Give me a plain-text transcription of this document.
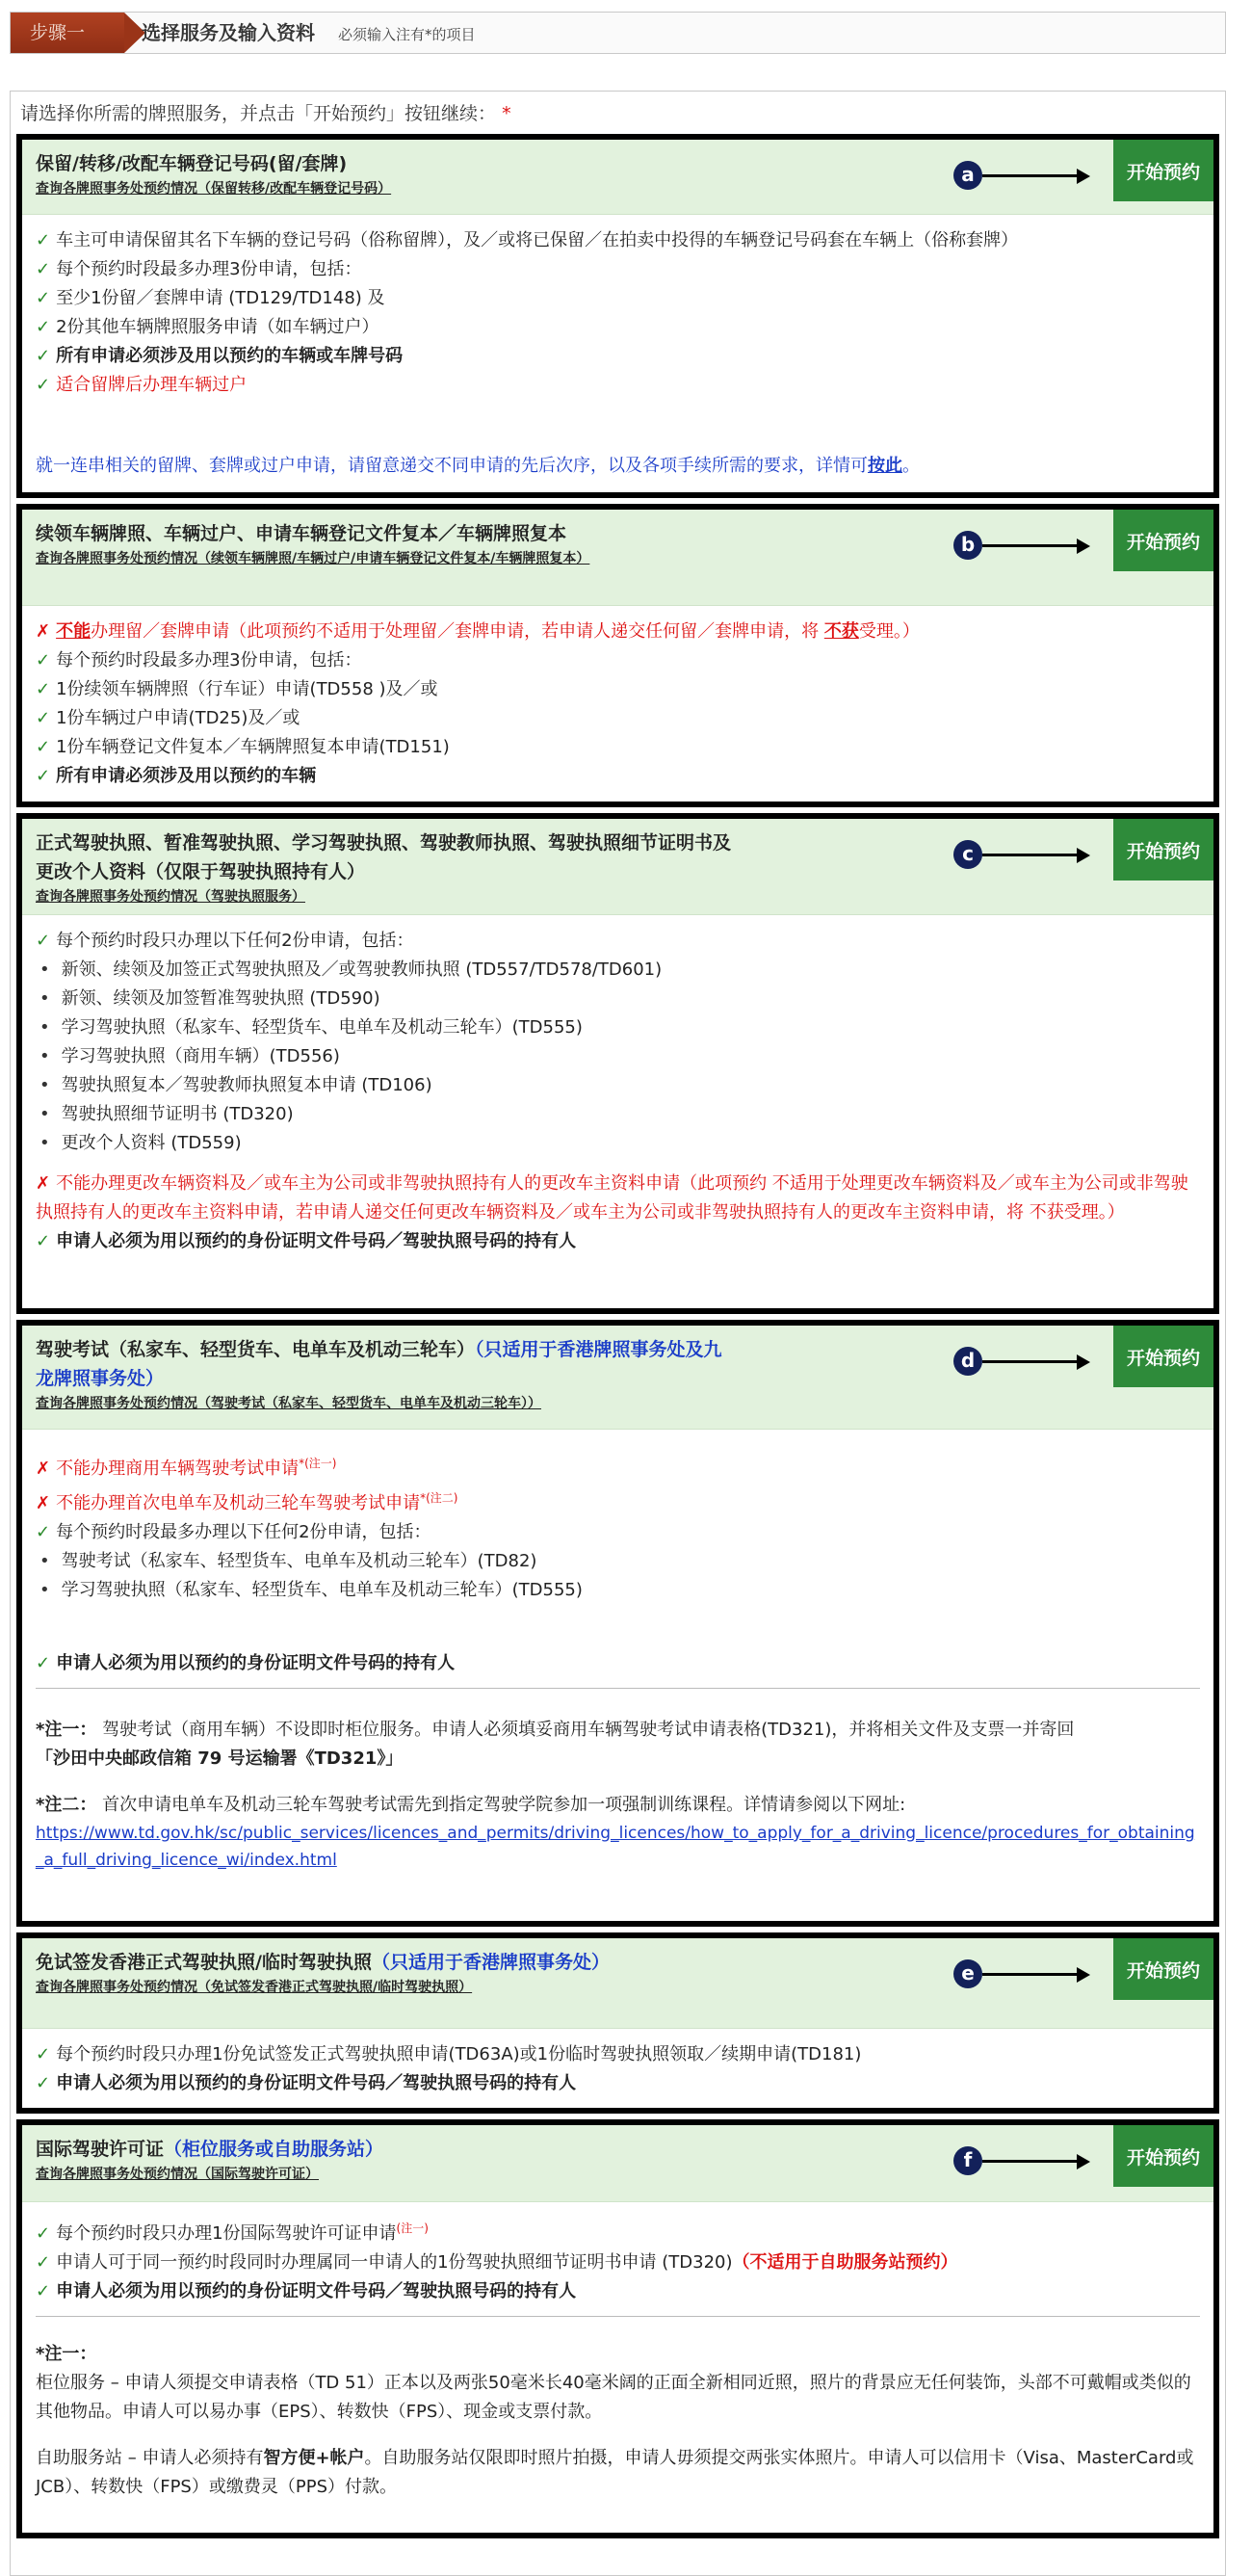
步骤一	选择服务及输入资料 必须输入注有*的项目
请选择你所需的牌照服务，并点击「开始预约」按钮继续： *
保留/转移/改配车辆登记号码(留/套牌)
查询各牌照事务处预约情况（保留转移/改配车辆登记号码）
a	开始预约
✓ 车主可申请保留其名下车辆的登记号码（俗称留牌），及／或将已保留／在拍卖中投得的车辆登记号码套在车辆上（俗称套牌）
✓ 每个预约时段最多办理3份申请，包括：
✓ 至少1份留／套牌申请 (TD129/TD148) 及
✓ 2份其他车辆牌照服务申请（如车辆过户）
✓ 所有申请必须涉及用以预约的车辆或车牌号码
✓ 适合留牌后办理车辆过户
就一连串相关的留牌、套牌或过户申请，请留意递交不同申请的先后次序，以及各项手续所需的要求，详情可按此。
续领车辆牌照、车辆过户、申请车辆登记文件复本／车辆牌照复本
查询各牌照事务处预约情况（续领车辆牌照/车辆过户/申请车辆登记文件复本/车辆牌照复本）
b	开始预约
✗ 不能办理留／套牌申请（此项预约不适用于处理留／套牌申请，若申请人递交任何留／套牌申请，将 不获受理。）
✓ 每个预约时段最多办理3份申请，包括：
✓ 1份续领车辆牌照（行车证）申请(TD558 )及／或
✓ 1份车辆过户申请(TD25)及／或
✓ 1份车辆登记文件复本／车辆牌照复本申请(TD151)
✓ 所有申请必须涉及用以预约的车辆
正式驾驶执照、暂准驾驶执照、学习驾驶执照、驾驶教师执照、驾驶执照细节证明书及更改个人资料（仅限于驾驶执照持有人）
查询各牌照事务处预约情况（驾驶执照服务）
c	开始预约
✓ 每个预约时段只办理以下任何2份申请，包括：
• 新领、续领及加签正式驾驶执照及／或驾驶教师执照 (TD557/TD578/TD601)
• 新领、续领及加签暂准驾驶执照 (TD590)
• 学习驾驶执照（私家车、轻型货车、电单车及机动三轮车）(TD555)
• 学习驾驶执照（商用车辆）(TD556)
• 驾驶执照复本／驾驶教师执照复本申请 (TD106)
• 驾驶执照细节证明书 (TD320)
• 更改个人资料 (TD559)
✗ 不能办理更改车辆资料及／或车主为公司或非驾驶执照持有人的更改车主资料申请（此项预约 不适用于处理更改车辆资料及／或车主为公司或非驾驶执照持有人的更改车主资料申请，若申请人递交任何更改车辆资料及／或车主为公司或非驾驶执照持有人的更改车主资料申请，将 不获受理。）
✓ 申请人必须为用以预约的身份证明文件号码／驾驶执照号码的持有人
驾驶考试（私家车、轻型货车、电单车及机动三轮车）（只适用于香港牌照事务处及九龙牌照事务处）
查询各牌照事务处预约情况（驾驶考试（私家车、轻型货车、电单车及机动三轮车））
d	开始预约
✗ 不能办理商用车辆驾驶考试申请$^{*(注一)}$
✗ 不能办理首次电单车及机动三轮车驾驶考试申请$^{*(注二)}$
✓ 每个预约时段最多办理以下任何2份申请，包括：
• 驾驶考试（私家车、轻型货车、电单车及机动三轮车）(TD82)
• 学习驾驶执照（私家车、轻型货车、电单车及机动三轮车）(TD555)
✓ 申请人必须为用以预约的身份证明文件号码的持有人
*注一： 驾驶考试（商用车辆）不设即时柜位服务。申请人必须填妥商用车辆驾驶考试申请表格(TD321)，并将相关文件及支票一并寄回
「沙田中央邮政信箱 79 号运输署《TD321》」
*注二： 首次申请电单车及机动三轮车驾驶考试需先到指定驾驶学院参加一项强制训练课程。详情请参阅以下网址:
https://www.td.gov.hk/sc/public_services/licences_and_permits/driving_licences/how_to_apply_for_a_driving_licence/procedures_for_obtaining_a_full_driving_licence_wi/index.html
免试签发香港正式驾驶执照/临时驾驶执照（只适用于香港牌照事务处）
查询各牌照事务处预约情况（免试签发香港正式驾驶执照/临时驾驶执照）
e	开始预约
✓ 每个预约时段只办理1份免试签发正式驾驶执照申请(TD63A)或1份临时驾驶执照领取／续期申请(TD181)
✓ 申请人必须为用以预约的身份证明文件号码／驾驶执照号码的持有人
国际驾驶许可证（柜位服务或自助服务站）
查询各牌照事务处预约情况（国际驾驶许可证）
f	开始预约
✓ 每个预约时段只办理1份国际驾驶许可证申请$^{(注一)}$
✓ 申请人可于同一预约时段同时办理属同一申请人的1份驾驶执照细节证明书申请 (TD320)（不适用于自助服务站预约）
✓ 申请人必须为用以预约的身份证明文件号码／驾驶执照号码的持有人
*注一：
柜位服务 – 申请人须提交申请表格（TD 51）正本以及两张50毫米长40毫米阔的正面全新相同近照，照片的背景应无任何装饰，头部不可戴帽或类似的其他物品。申请人可以易办事（EPS）、转数快（FPS）、现金或支票付款。
自助服务站 – 申请人必须持有智方便+帐户。自助服务站仅限即时照片拍摄，申请人毋须提交两张实体照片。申请人可以信用卡（Visa、MasterCard或JCB）、转数快（FPS）或缴费灵（PPS）付款。
